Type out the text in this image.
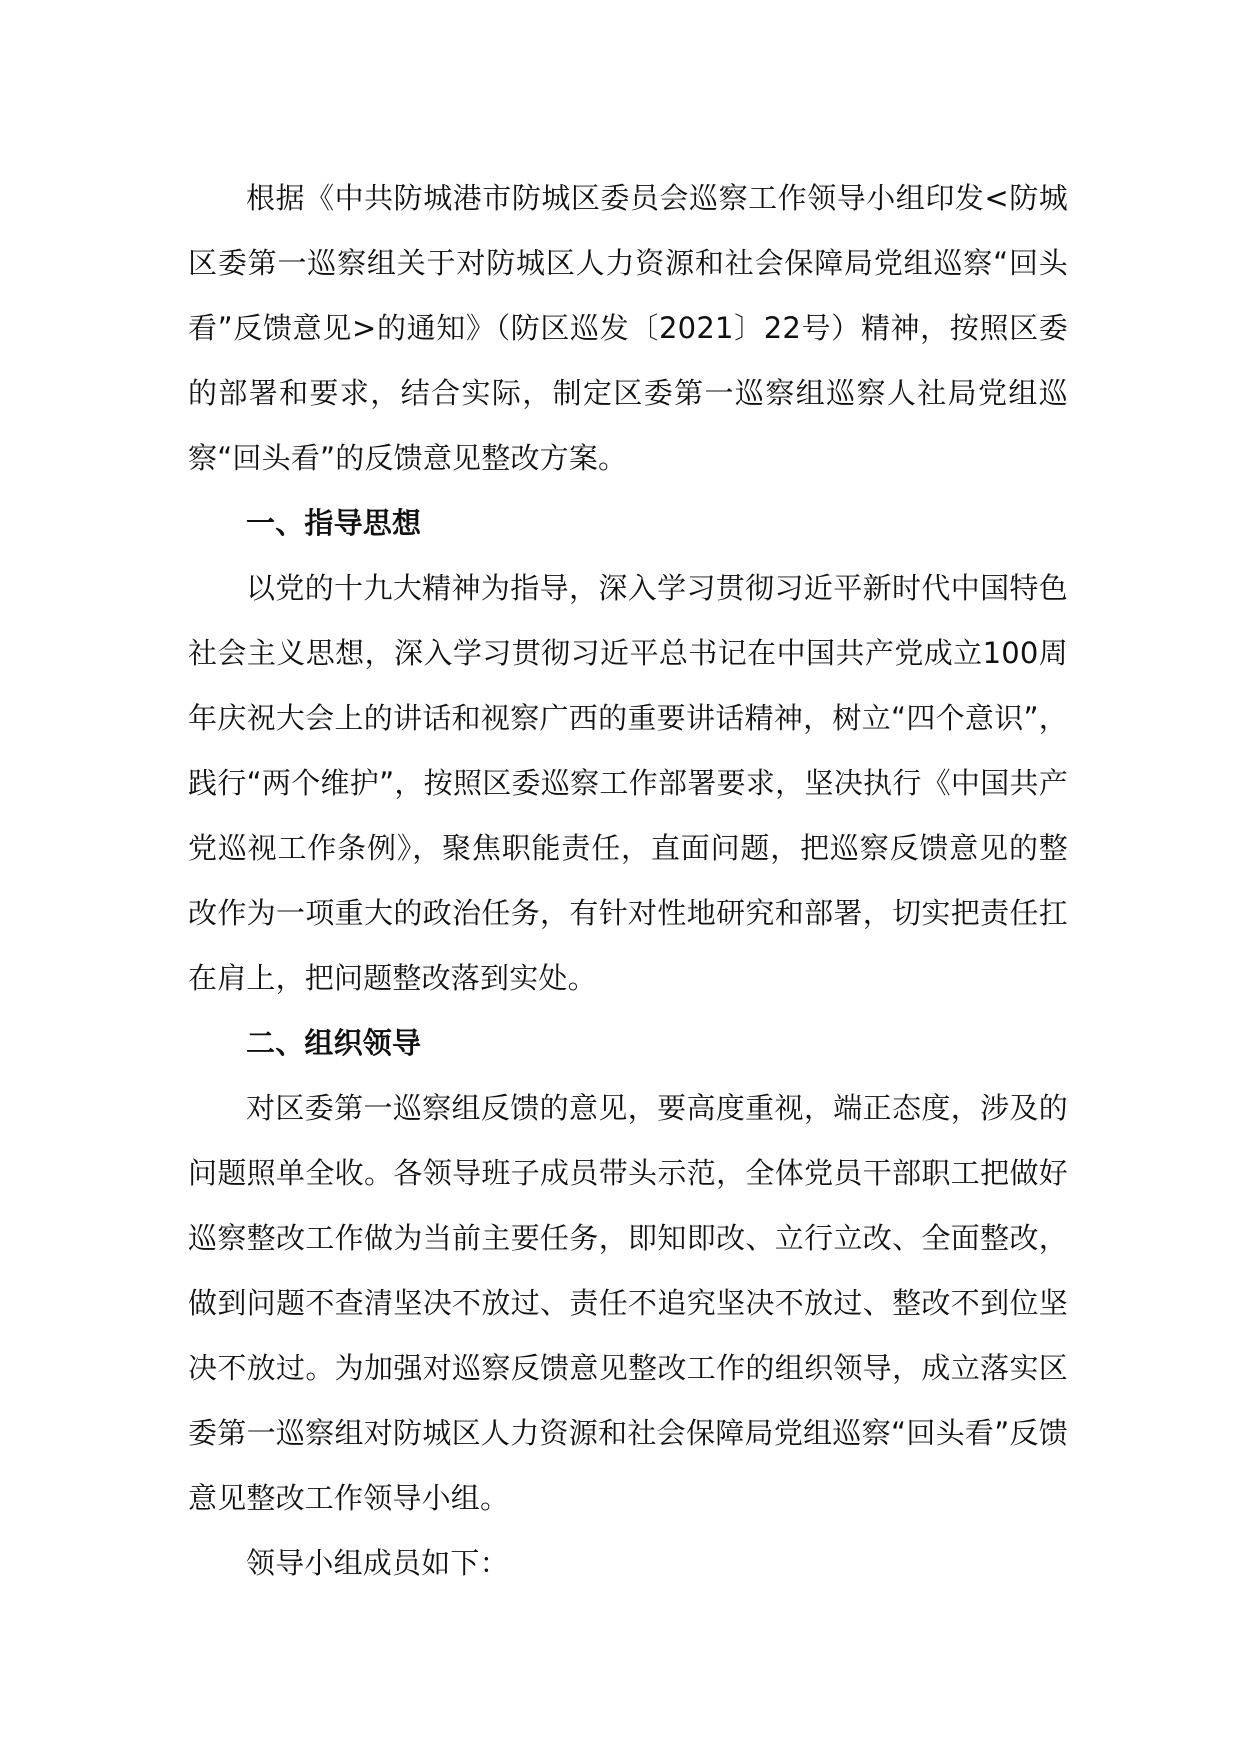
根据《中共防城港市防城区委员会巡察工作领导小组印发<防城区委第一巡察组关于对防城区人力资源和社会保障局党组巡察“回头看”反馈意见>的通知》（防区巡发〔2021〕22号）精神，按照区委的部署和要求，结合实际，制定区委第一巡察组巡察人社局党组巡察“回头看”的反馈意见整改方案。

一、指导思想

以党的十九大精神为指导，深入学习贯彻习近平新时代中国特色社会主义思想，深入学习贯彻习近平总书记在中国共产党成立100周年庆祝大会上的讲话和视察广西的重要讲话精神，树立“四个意识”，践行“两个维护”，按照区委巡察工作部署要求，坚决执行《中国共产党巡视工作条例》，聚焦职能责任，直面问题，把巡察反馈意见的整改作为一项重大的政治任务，有针对性地研究和部署，切实把责任扛在肩上，把问题整改落到实处。

二、组织领导

对区委第一巡察组反馈的意见，要高度重视，端正态度，涉及的问题照单全收。各领导班子成员带头示范，全体党员干部职工把做好巡察整改工作做为当前主要任务，即知即改、立行立改、全面整改，做到问题不查清坚决不放过、责任不追究坚决不放过、整改不到位坚决不放过。为加强对巡察反馈意见整改工作的组织领导，成立落实区委第一巡察组对防城区人力资源和社会保障局党组巡察“回头看”反馈意见整改工作领导小组。

领导小组成员如下：
